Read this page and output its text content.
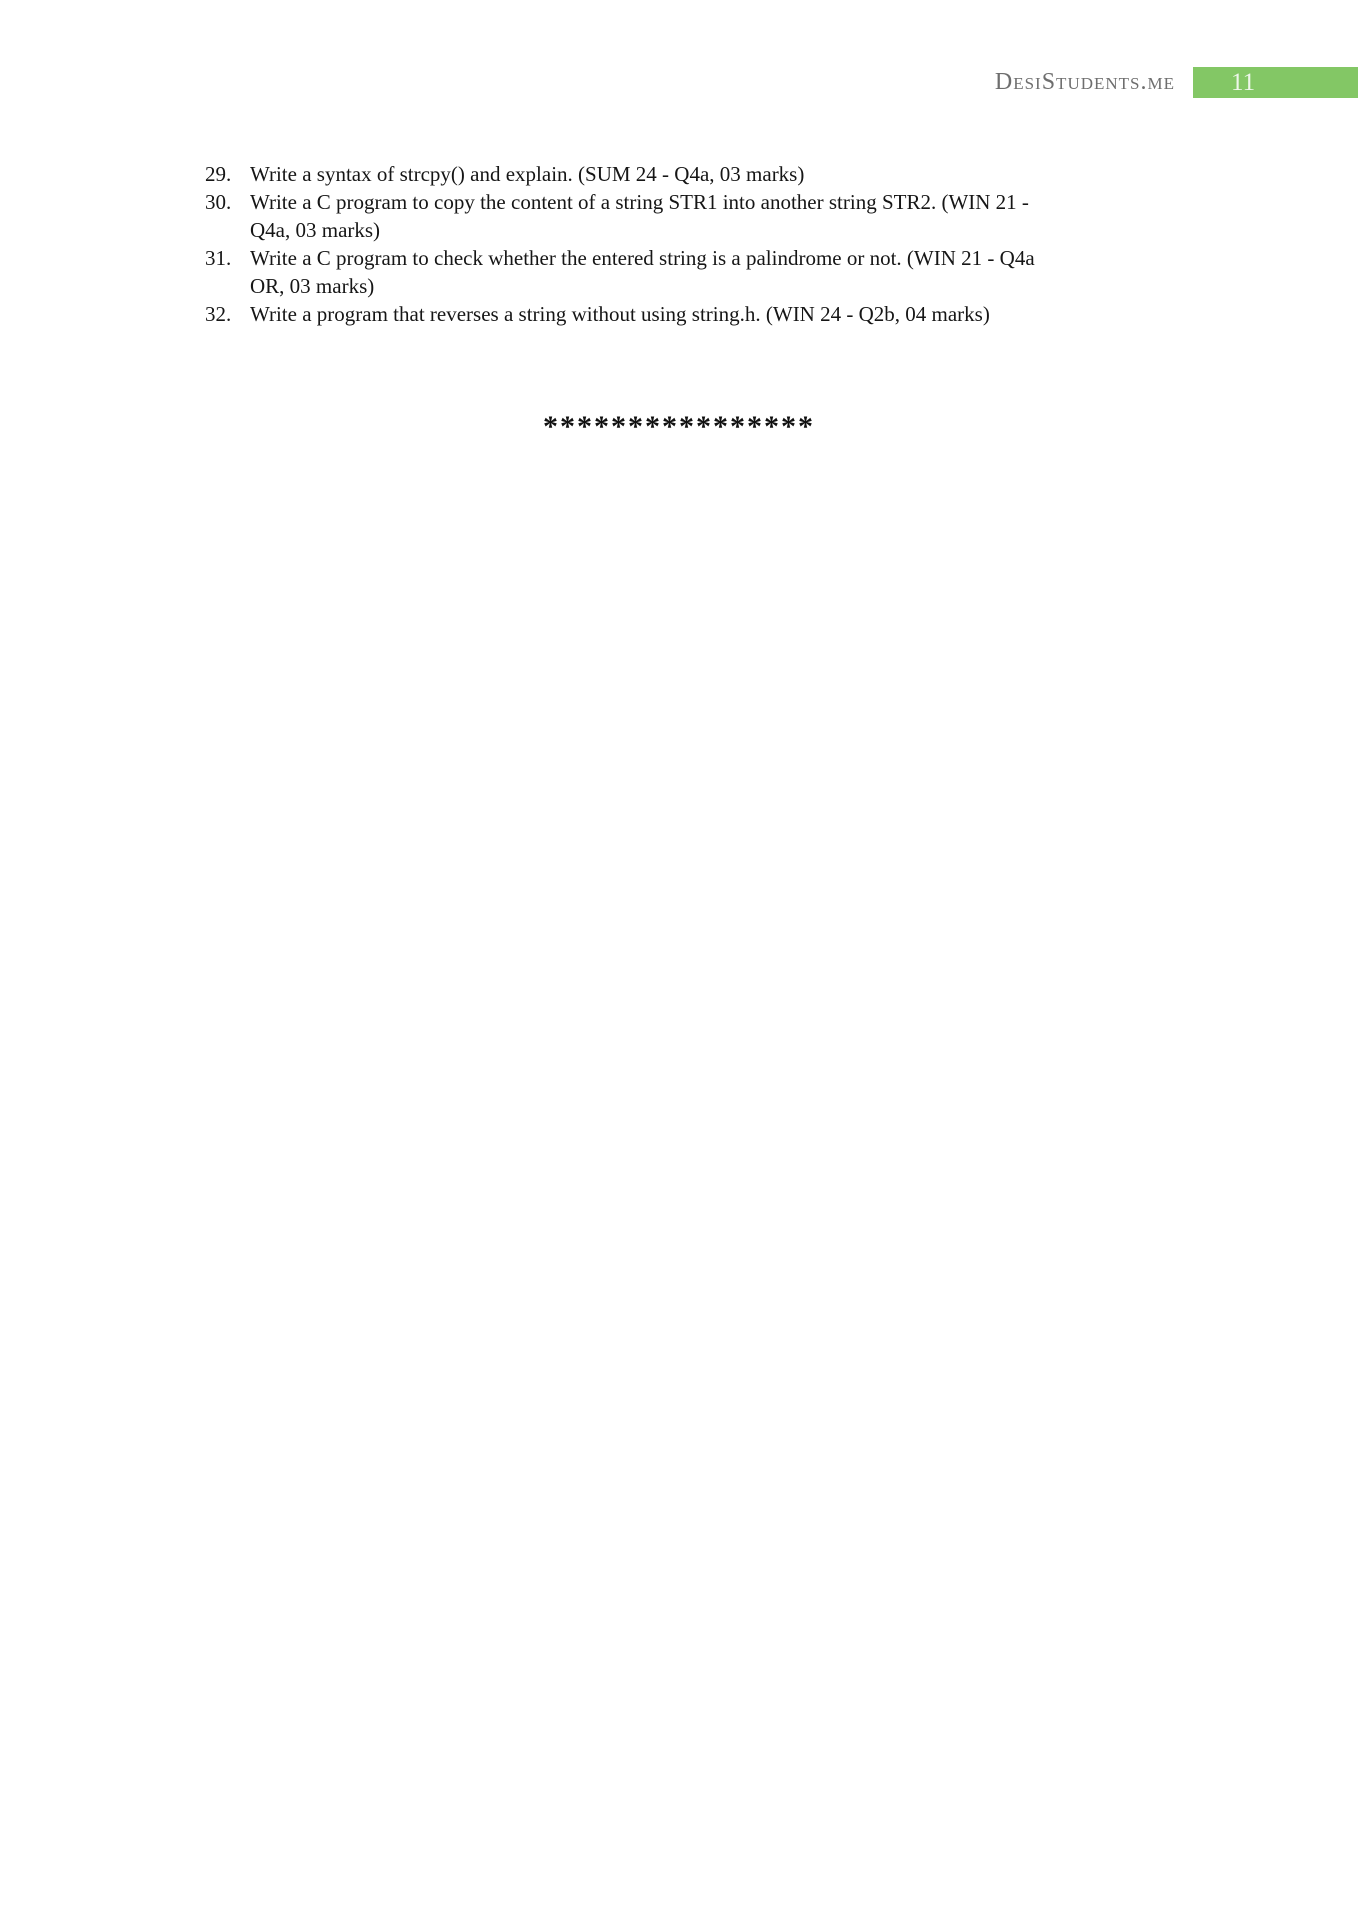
DesiStudents.me	11
29. Write a syntax of strcpy() and explain. (SUM 24 - Q4a, 03 marks)
30. Write a C program to copy the content of a string STR1 into another string STR2. (WIN 21 -
Q4a, 03 marks)
31. Write a C program to check whether the entered string is a palindrome or not. (WIN 21 - Q4a
OR, 03 marks)
32. Write a program that reverses a string without using string.h. (WIN 24 - Q2b, 04 marks)
****************
